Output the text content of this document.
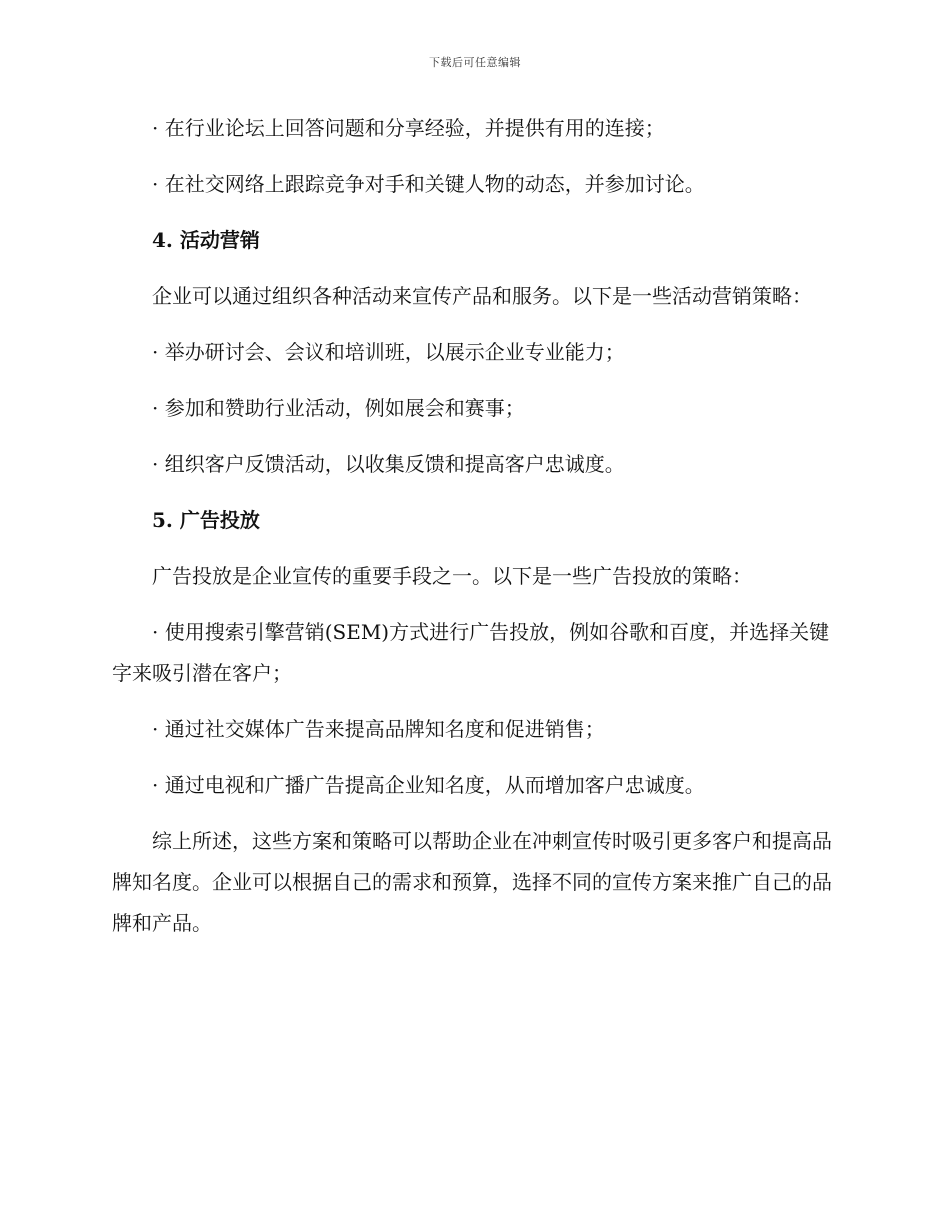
下载后可任意编辑

· 在行业论坛上回答问题和分享经验，并提供有用的连接；

· 在社交网络上跟踪竞争对手和关键人物的动态，并参加讨论。

4. 活动营销

企业可以通过组织各种活动来宣传产品和服务。以下是一些活动营销策略：

· 举办研讨会、会议和培训班，以展示企业专业能力；

· 参加和赞助行业活动，例如展会和赛事；

· 组织客户反馈活动，以收集反馈和提高客户忠诚度。

5. 广告投放

广告投放是企业宣传的重要手段之一。以下是一些广告投放的策略：

· 使用搜索引擎营销(SEM)方式进行广告投放，例如谷歌和百度，并选择关键字来吸引潜在客户；

· 通过社交媒体广告来提高品牌知名度和促进销售；

· 通过电视和广播广告提高企业知名度，从而增加客户忠诚度。

综上所述，这些方案和策略可以帮助企业在冲刺宣传时吸引更多客户和提高品牌知名度。企业可以根据自己的需求和预算，选择不同的宣传方案来推广自己的品牌和产品。
